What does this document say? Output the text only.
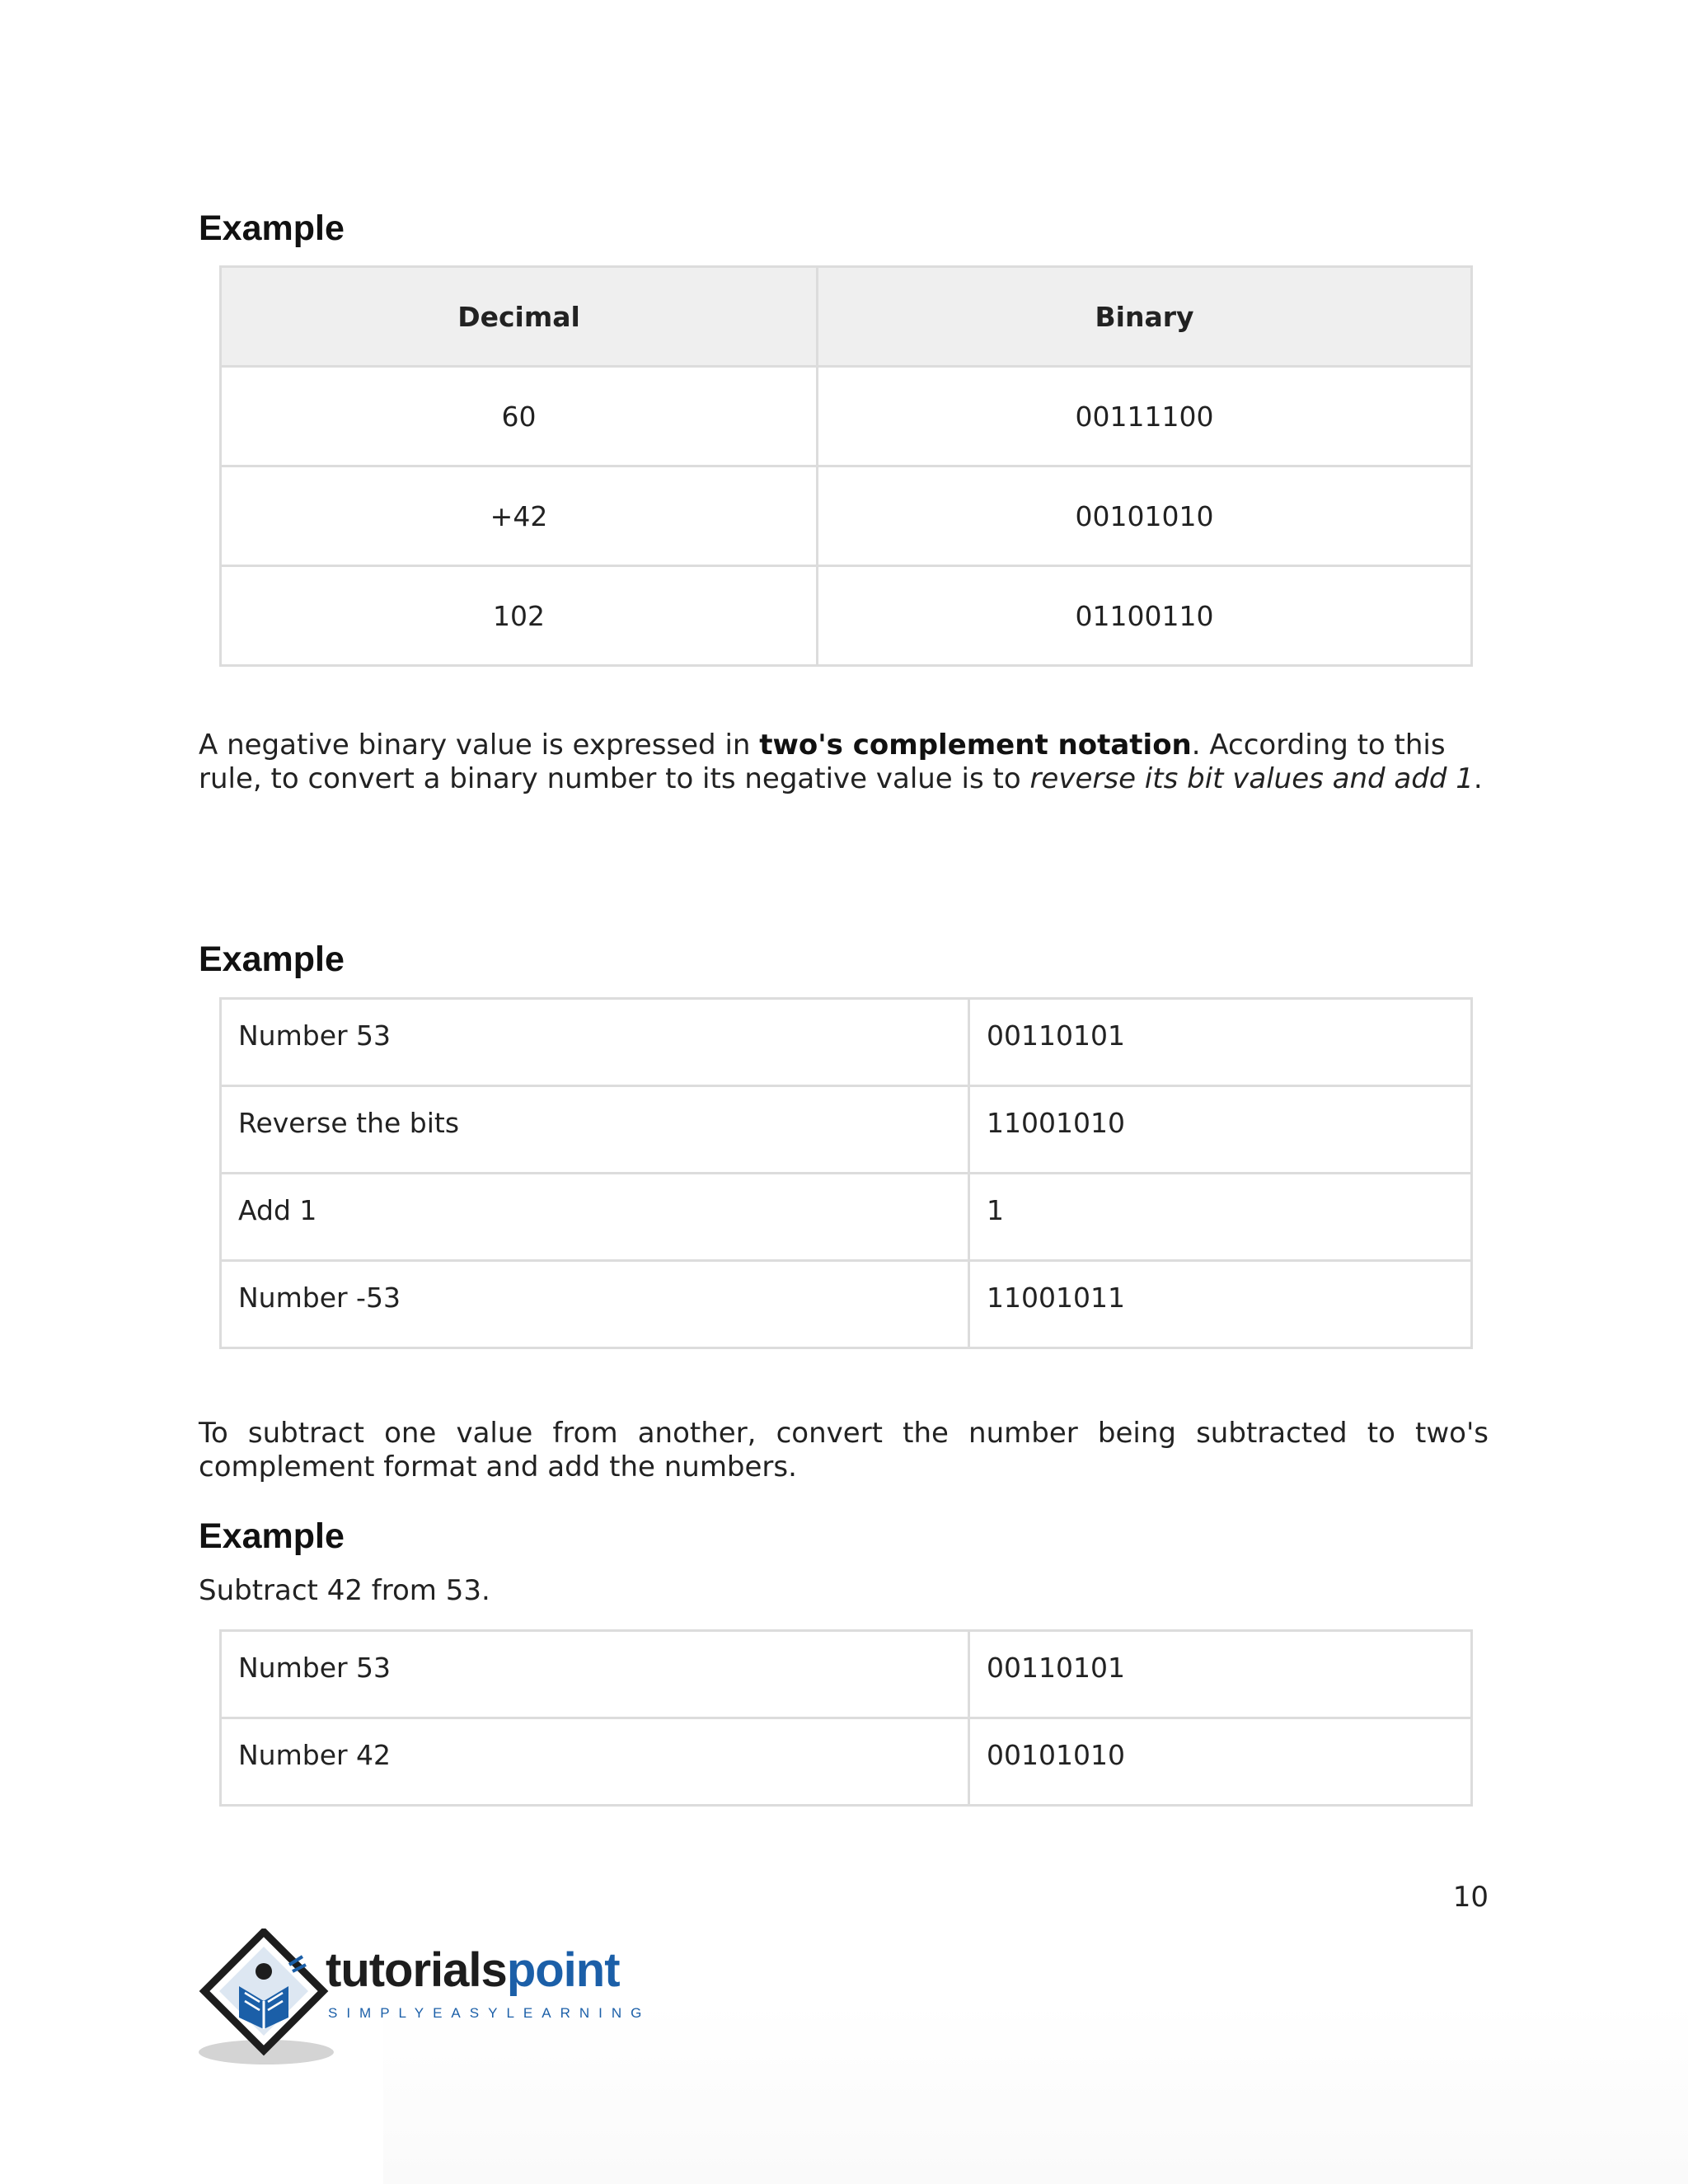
Example
Decimal	Binary
60	00111100
+42	00101010
102	01100110

A negative binary value is expressed in two's complement notation. According to this rule, to convert a binary number to its negative value is to reverse its bit values and add 1.

Example
Number 53	00110101
Reverse the bits	11001010
Add 1	1
Number -53	11001011

To subtract one value from another, convert the number being subtracted to two's complement format and add the numbers.

Example

Subtract 42 from 53.

Number 53	00110101
Number 42	00101010
10
tutorialspoint
SIMPLYEASYLEARNING
